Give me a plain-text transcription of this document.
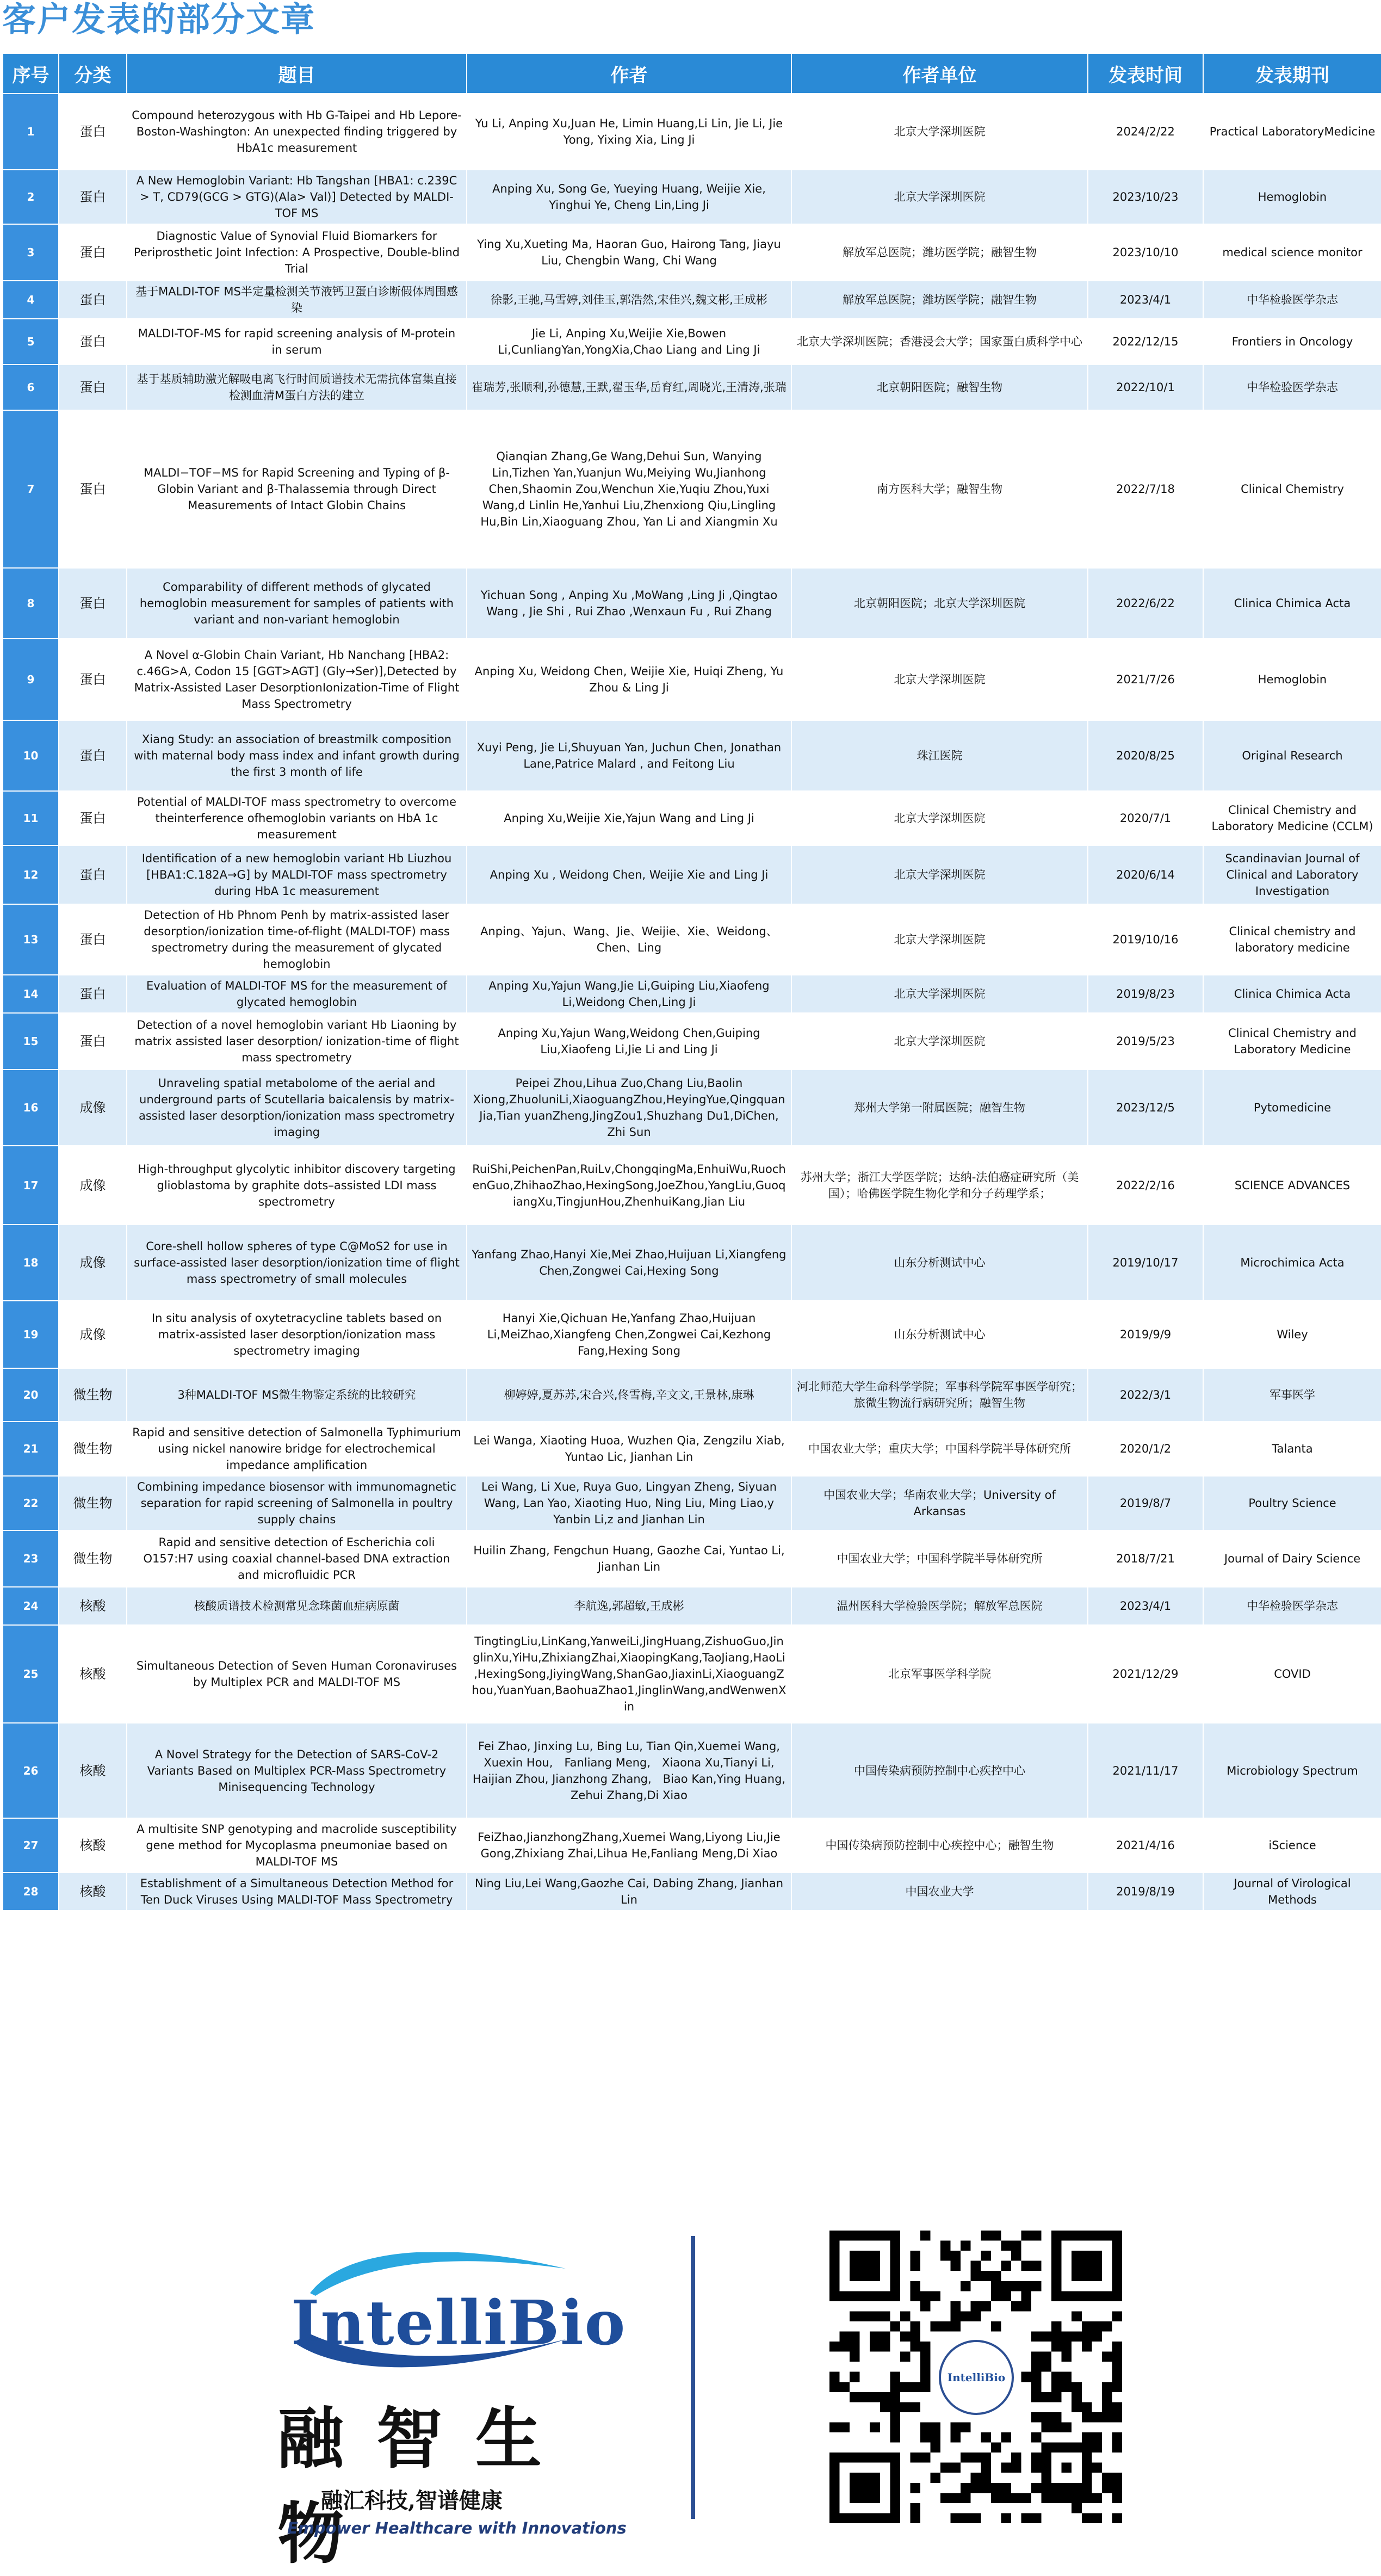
客户发表的部分文章
序号	分类	题目	作者	作者单位	发表时间	发表期刊
1	蛋白	Compound heterozygous with Hb G-Taipei and Hb Lepore-Boston-Washington: An unexpected finding triggered by HbA1c measurement	Yu Li, Anping Xu,Juan He, Limin Huang,Li Lin, Jie Li, Jie Yong, Yixing Xia, Ling Ji	北京大学深圳医院	2024/2/22	Practical LaboratoryMedicine
2	蛋白	A New Hemoglobin Variant: Hb Tangshan [HBA1: c.239C > T, CD79(GCG > GTG)(Ala> Val)] Detected by MALDI-TOF MS	Anping Xu, Song Ge, Yueying Huang, Weijie Xie, Yinghui Ye, Cheng Lin,Ling Ji	北京大学深圳医院	2023/10/23	Hemoglobin
3	蛋白	Diagnostic Value of Synovial Fluid Biomarkers for Periprosthetic Joint Infection: A Prospective, Double-blind Trial	Ying Xu,Xueting Ma, Haoran Guo, Hairong Tang, Jiayu Liu, Chengbin Wang, Chi Wang	解放军总医院；潍坊医学院；融智生物	2023/10/10	medical science monitor
4	蛋白	基于MALDI-TOF MS半定量检测关节液钙卫蛋白诊断假体周围感染	徐影,王驰,马雪婷,刘佳玉,郭浩然,宋佳兴,魏文彬,王成彬	解放军总医院；潍坊医学院；融智生物	2023/4/1	中华检验医学杂志
5	蛋白	MALDI-TOF-MS for rapid screening analysis of M-protein in serum	Jie Li, Anping Xu,Weijie Xie,Bowen Li,CunliangYan,YongXia,Chao Liang and Ling Ji	北京大学深圳医院；香港浸会大学；国家蛋白质科学中心	2022/12/15	Frontiers in Oncology
6	蛋白	基于基质辅助激光解吸电离飞行时间质谱技术无需抗体富集直接检测血清M蛋白方法的建立	崔瑞芳,张顺利,孙德慧,王默,翟玉华,岳育红,周晓光,王清涛,张瑞	北京朝阳医院；融智生物	2022/10/1	中华检验医学杂志
7	蛋白	MALDI−TOF−MS for Rapid Screening and Typing of β-Globin Variant and β-Thalassemia through Direct Measurements of Intact Globin Chains	Qianqian Zhang,Ge Wang,Dehui Sun, Wanying Lin,Tizhen Yan,Yuanjun Wu,Meiying Wu,Jianhong Chen,Shaomin Zou,Wenchun Xie,Yuqiu Zhou,Yuxi Wang,d Linlin He,Yanhui Liu,Zhenxiong Qiu,Lingling Hu,Bin Lin,Xiaoguang Zhou, Yan Li and Xiangmin Xu	南方医科大学；融智生物	2022/7/18	Clinical Chemistry
8	蛋白	Comparability of different methods of glycated hemoglobin measurement for samples of patients with variant and non-variant hemoglobin	Yichuan Song , Anping Xu ,MoWang ,Ling Ji ,Qingtao Wang , Jie Shi , Rui Zhao ,Wenxaun Fu , Rui Zhang	北京朝阳医院；北京大学深圳医院	2022/6/22	Clinica Chimica Acta
9	蛋白	A Novel α-Globin Chain Variant, Hb Nanchang [HBA2: c.46G>A, Codon 15 [GGT>AGT] (Gly→Ser)],Detected by Matrix-Assisted Laser DesorptionIonization-Time of Flight Mass Spectrometry	Anping Xu, Weidong Chen, Weijie Xie, Huiqi Zheng, Yu Zhou & Ling Ji	北京大学深圳医院	2021/7/26	Hemoglobin
10	蛋白	Xiang Study: an association of breastmilk composition with maternal body mass index and infant growth during the first 3 month of life	Xuyi Peng, Jie Li,Shuyuan Yan, Juchun Chen, Jonathan Lane,Patrice Malard , and Feitong Liu	珠江医院	2020/8/25	Original Research
11	蛋白	Potential of MALDI-TOF mass spectrometry to overcome theinterference ofhemoglobin variants on HbA 1c measurement	Anping Xu,Weijie Xie,Yajun Wang and Ling Ji	北京大学深圳医院	2020/7/1	Clinical Chemistry and Laboratory Medicine (CCLM)
12	蛋白	Identification of a new hemoglobin variant Hb Liuzhou [HBA1:C.182A→G] by MALDI-TOF mass spectrometry during HbA 1c measurement	Anping Xu , Weidong Chen, Weijie Xie and Ling Ji	北京大学深圳医院	2020/6/14	Scandinavian Journal of Clinical and Laboratory Investigation
13	蛋白	Detection of Hb Phnom Penh by matrix-assisted laser desorption/ionization time-of-flight (MALDI-TOF) mass spectrometry during the measurement of glycated hemoglobin	Anping、Yajun、Wang、Jie、Weijie、Xie、Weidong、Chen、Ling	北京大学深圳医院	2019/10/16	Clinical chemistry and laboratory medicine
14	蛋白	Evaluation of MALDI-TOF MS for the measurement of glycated hemoglobin	Anping Xu,Yajun Wang,Jie Li,Guiping Liu,Xiaofeng Li,Weidong Chen,Ling Ji	北京大学深圳医院	2019/8/23	Clinica Chimica Acta
15	蛋白	Detection of a novel hemoglobin variant Hb Liaoning by matrix assisted laser desorption/ ionization-time of flight mass spectrometry	Anping Xu,Yajun Wang,Weidong Chen,Guiping Liu,Xiaofeng Li,Jie Li and Ling Ji	北京大学深圳医院	2019/5/23	Clinical Chemistry and Laboratory Medicine
16	成像	Unraveling spatial metabolome of the aerial and underground parts of Scutellaria baicalensis by matrix-assisted laser desorption/ionization mass spectrometry imaging	Peipei Zhou,Lihua Zuo,Chang Liu,Baolin Xiong,ZhuoluniLi,XiaoguangZhou,HeyingYue,QingquanJia,Tian yuanZheng,JingZou1,Shuzhang Du1,DiChen, Zhi Sun	郑州大学第一附属医院；融智生物	2023/12/5	Pytomedicine
17	成像	High-throughput glycolytic inhibitor discovery targeting glioblastoma by graphite dots–assisted LDI mass spectrometry	RuiShi,PeichenPan,RuiLv,ChongqingMa,EnhuiWu,RuochenGuo,ZhihaoZhao,HexingSong,JoeZhou,YangLiu,GuoqiangXu,TingjunHou,ZhenhuiKang,Jian Liu	苏州大学；浙江大学医学院；达纳-法伯癌症研究所（美国）；哈佛医学院生物化学和分子药理学系；	2022/2/16	SCIENCE ADVANCES
18	成像	Core-shell hollow spheres of type C@MoS2 for use in surface-assisted laser desorption/ionization time of flight mass spectrometry of small molecules	Yanfang Zhao,Hanyi Xie,Mei Zhao,Huijuan Li,Xiangfeng Chen,Zongwei Cai,Hexing Song	山东分析测试中心	2019/10/17	Microchimica Acta
19	成像	In situ analysis of oxytetracycline tablets based on matrix-assisted laser desorption/ionization mass spectrometry imaging	Hanyi Xie,Qichuan He,Yanfang Zhao,Huijuan Li,MeiZhao,Xiangfeng Chen,Zongwei Cai,Kezhong Fang,Hexing Song	山东分析测试中心	2019/9/9	Wiley
20	微生物	3种MALDI-TOF MS微生物鉴定系统的比较研究	柳婷婷,夏苏苏,宋合兴,佟雪梅,辛文文,王景林,康琳	河北师范大学生命科学学院；军事科学院军事医学研究；旅微生物流行病研究所；融智生物	2022/3/1	军事医学
21	微生物	Rapid and sensitive detection of Salmonella Typhimurium using nickel nanowire bridge for electrochemical impedance amplification	Lei Wanga, Xiaoting Huoa, Wuzhen Qia, Zengzilu Xiab, Yuntao Lic, Jianhan Lin	中国农业大学；重庆大学；中国科学院半导体研究所	2020/1/2	Talanta
22	微生物	Combining impedance biosensor with immunomagnetic separation for rapid screening of Salmonella in poultry supply chains	Lei Wang, Li Xue, Ruya Guo, Lingyan Zheng, Siyuan Wang, Lan Yao, Xiaoting Huo, Ning Liu, Ming Liao,y Yanbin Li,z and Jianhan Lin	中国农业大学；华南农业大学；University of Arkansas	2019/8/7	Poultry Science
23	微生物	Rapid and sensitive detection of Escherichia coli O157:H7 using coaxial channel-based DNA extraction and microfluidic PCR	Huilin Zhang, Fengchun Huang, Gaozhe Cai, Yuntao Li, Jianhan Lin	中国农业大学；中国科学院半导体研究所	2018/7/21	Journal of Dairy Science
24	核酸	核酸质谱技术检测常见念珠菌血症病原菌	李航逸,郭超敏,王成彬	温州医科大学检验医学院；解放军总医院	2023/4/1	中华检验医学杂志
25	核酸	Simultaneous Detection of Seven Human Coronaviruses by Multiplex PCR and MALDI-TOF MS	TingtingLiu,LinKang,YanweiLi,JingHuang,ZishuoGuo,JinglinXu,YiHu,ZhixiangZhai,XiaopingKang,TaoJiang,HaoLi,HexingSong,JiyingWang,ShanGao,JiaxinLi,XiaoguangZhou,YuanYuan,BaohuaZhao1,JinglinWang,andWenwenXin	北京军事医学科学院	2021/12/29	COVID
26	核酸	A Novel Strategy for the Detection of SARS-CoV-2 Variants Based on Multiplex PCR-Mass Spectrometry Minisequencing Technology	Fei Zhao, Jinxing Lu, Bing Lu, Tian Qin,Xuemei Wang, Xuexin Hou,　Fanliang Meng,　Xiaona Xu,Tianyi Li, Haijian Zhou, Jianzhong Zhang,　Biao Kan,Ying Huang, Zehui Zhang,Di Xiao	中国传染病预防控制中心疾控中心	2021/11/17	Microbiology Spectrum
27	核酸	A multisite SNP genotyping and macrolide susceptibility gene method for Mycoplasma pneumoniae based on MALDI-TOF MS	FeiZhao,JianzhongZhang,Xuemei Wang,Liyong Liu,Jie Gong,Zhixiang Zhai,Lihua He,Fanliang Meng,Di Xiao	中国传染病预防控制中心疾控中心；融智生物	2021/4/16	iScience
28	核酸	Establishment of a Simultaneous Detection Method for Ten Duck Viruses Using MALDI-TOF Mass Spectrometry	Ning Liu,Lei Wang,Gaozhe Cai, Dabing Zhang, Jianhan Lin	中国农业大学	2019/8/19	Journal of Virological Methods
IntelliBio
融智生物
融汇科技,智谱健康
Empower Healthcare with Innovations
IntelliBio
